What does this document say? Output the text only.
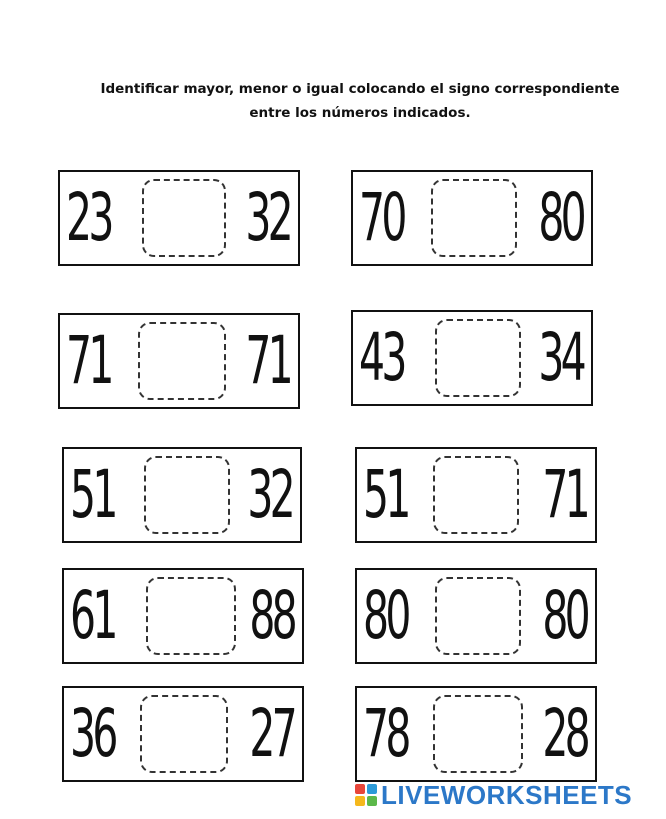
Identificar mayor, menor o igual colocando el signo correspondiente
entre los números indicados.
23 32 70 80
71 71 43 34
51 32 51 71
61 88 80 80
36 27 78 28
LIVEWORKSHEETS
